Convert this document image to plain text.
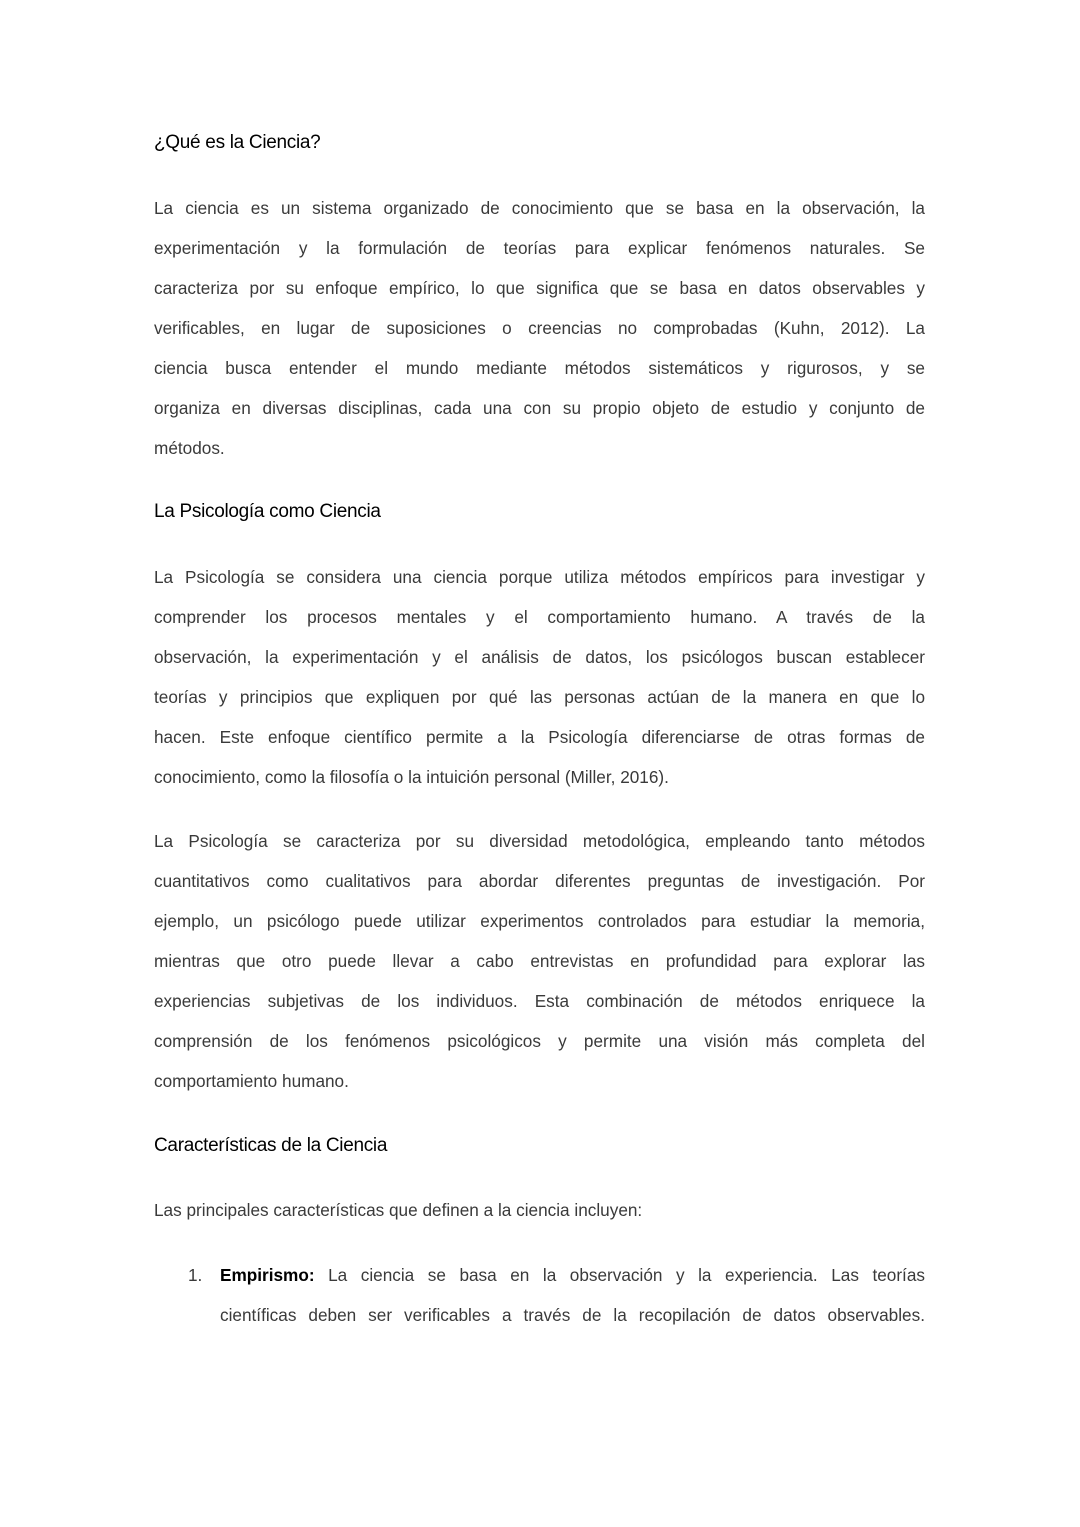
¿Qué es la Ciencia?
La ciencia es un sistema organizado de conocimiento que se basa en la observación, la
experimentación y la formulación de teorías para explicar fenómenos naturales. Se
caracteriza por su enfoque empírico, lo que significa que se basa en datos observables y
verificables, en lugar de suposiciones o creencias no comprobadas (Kuhn, 2012). La
ciencia busca entender el mundo mediante métodos sistemáticos y rigurosos, y se
organiza en diversas disciplinas, cada una con su propio objeto de estudio y conjunto de
métodos.
La Psicología como Ciencia
La Psicología se considera una ciencia porque utiliza métodos empíricos para investigar y
comprender los procesos mentales y el comportamiento humano. A través de la
observación, la experimentación y el análisis de datos, los psicólogos buscan establecer
teorías y principios que expliquen por qué las personas actúan de la manera en que lo
hacen. Este enfoque científico permite a la Psicología diferenciarse de otras formas de
conocimiento, como la filosofía o la intuición personal (Miller, 2016).
La Psicología se caracteriza por su diversidad metodológica, empleando tanto métodos
cuantitativos como cualitativos para abordar diferentes preguntas de investigación. Por
ejemplo, un psicólogo puede utilizar experimentos controlados para estudiar la memoria,
mientras que otro puede llevar a cabo entrevistas en profundidad para explorar las
experiencias subjetivas de los individuos. Esta combinación de métodos enriquece la
comprensión de los fenómenos psicológicos y permite una visión más completa del
comportamiento humano.
Características de la Ciencia
Las principales características que definen a la ciencia incluyen:
1. Empirismo: La ciencia se basa en la observación y la experiencia. Las teorías
científicas deben ser verificables a través de la recopilación de datos observables.
